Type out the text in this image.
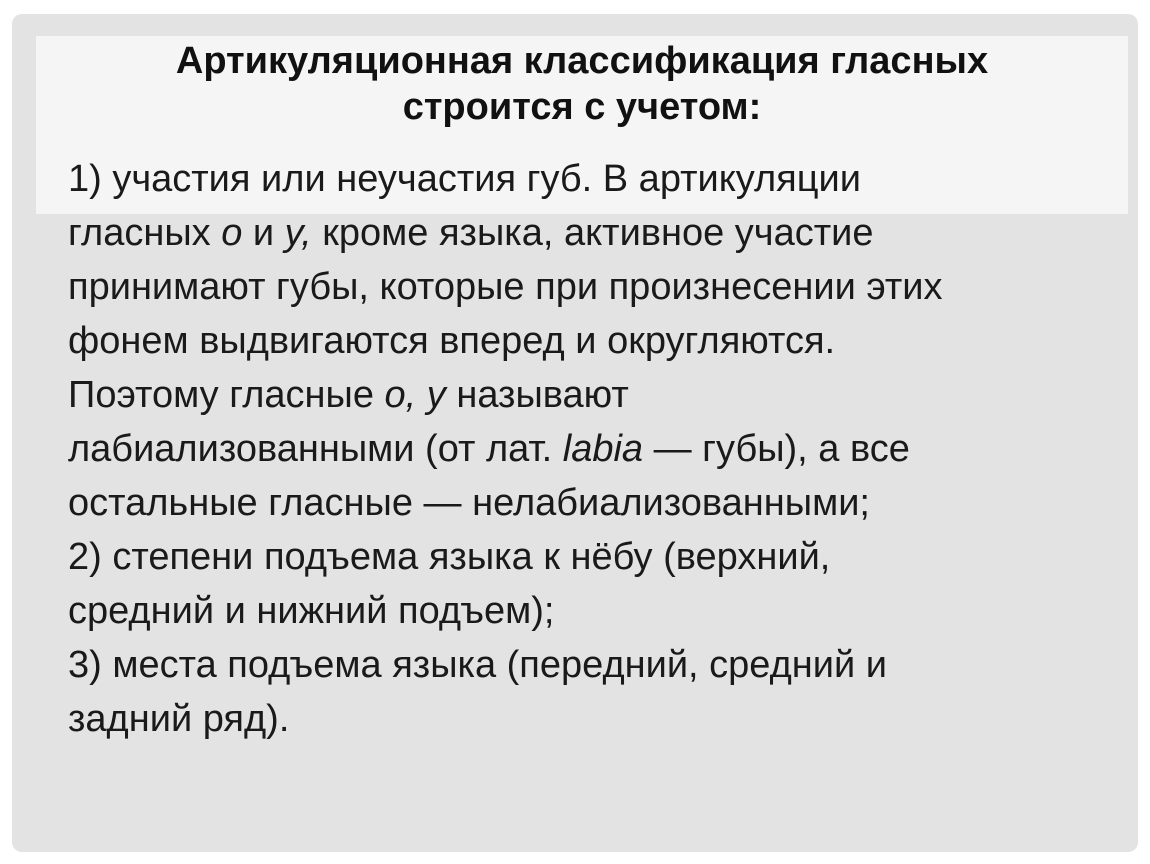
Артикуляционная классификация гласных
строится с учетом:
1) участия или неучастия губ. В артикуляции
гласных о и у, кроме языка, активное участие
принимают губы, которые при произнесении этих
фонем выдвигаются вперед и округляются.
Поэтому гласные о, у называют
лабиализованными (от лат. labia — губы), а все
остальные гласные — нелабиализованными;
2) степени подъема языка к нёбу (верхний,
средний и нижний подъем);
3) места подъема языка (передний, средний и
задний ряд).
